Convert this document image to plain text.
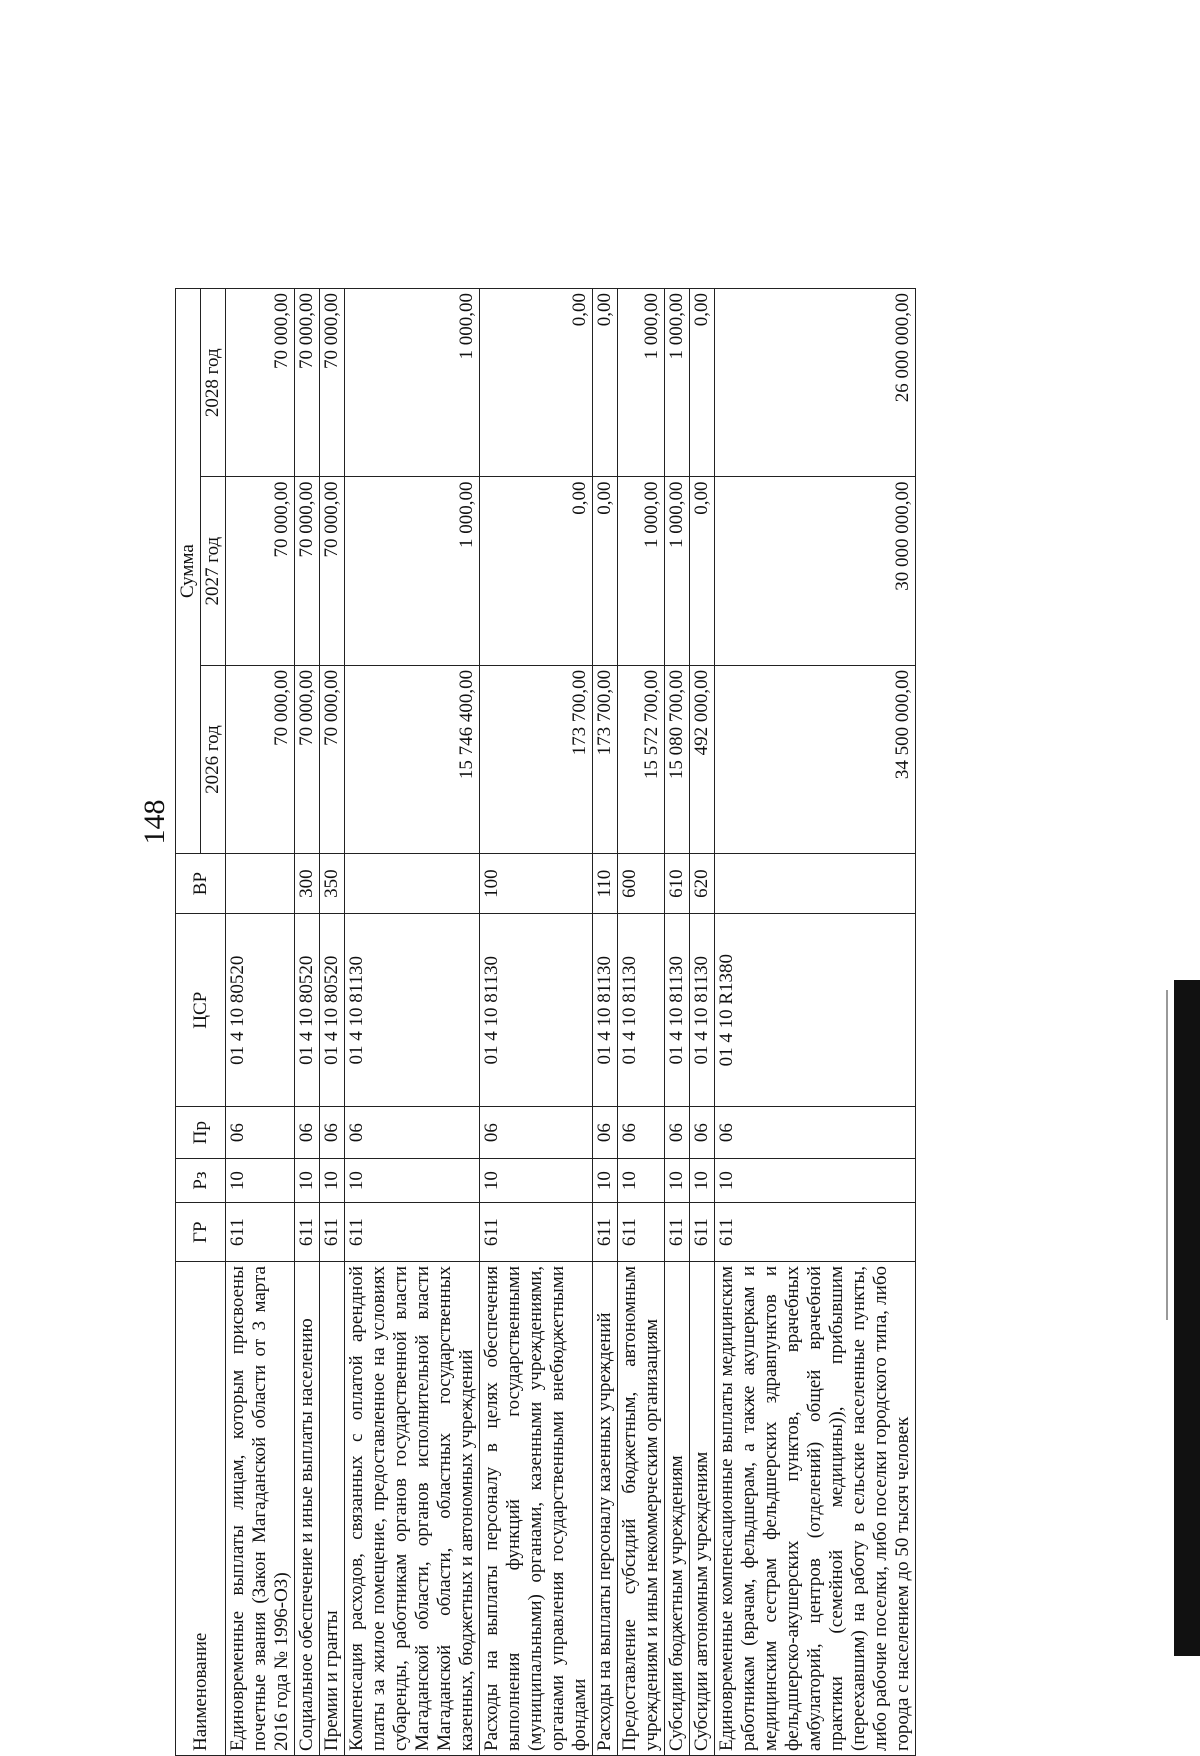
148
Наименование	ГР	Рз	Пр	ЦСР	ВР	Сумма		
						2026 год	2027 год	2028 год
Единовременные выплаты лицам, которым присвоены почетные звания (Закон Магаданской области от 3 марта 2016 года № 1996-ОЗ)	611	10	06	01 4 10 80520		70 000,00	70 000,00	70 000,00
Социальное обеспечение и иные выплаты населению	611	10	06	01 4 10 80520	300	70 000,00	70 000,00	70 000,00
Премии и гранты	611	10	06	01 4 10 80520	350	70 000,00	70 000,00	70 000,00
Компенсация расходов, связанных с оплатой арендной платы за жилое помещение, предоставленное на условиях субаренды, работникам органов государственной власти Магаданской области, органов исполнительной власти Магаданской области, областных государственных казенных, бюджетных и автономных учреждений	611	10	06	01 4 10 81130		15 746 400,00	1 000,00	1 000,00
Расходы на выплаты персоналу в целях обеспечения выполнения функций государственными (муниципальными) органами, казенными учреждениями, органами управления государственными внебюджетными фондами	611	10	06	01 4 10 81130	100	173 700,00	0,00	0,00
Расходы на выплаты персоналу казенных учреждений	611	10	06	01 4 10 81130	110	173 700,00	0,00	0,00
Предоставление субсидий бюджетным, автономным учреждениям и иным некоммерческим организациям	611	10	06	01 4 10 81130	600	15 572 700,00	1 000,00	1 000,00
Субсидии бюджетным учреждениям	611	10	06	01 4 10 81130	610	15 080 700,00	1 000,00	1 000,00
Субсидии автономным учреждениям	611	10	06	01 4 10 81130	620	492 000,00	0,00	0,00
Единовременные компенсационные выплаты медицинским работникам (врачам, фельдшерам, а также акушеркам и медицинским сестрам фельдшерских здравпунктов и фельдшерско-акушерских пунктов, врачебных амбулаторий, центров (отделений) общей врачебной практики (семейной медицины)), прибывшим (переехавшим) на работу в сельские населенные пункты, либо рабочие поселки, либо поселки городского типа, либо города с населением до 50 тысяч человек	611	10	06	01 4 10 R1380		34 500 000,00	30 000 000,00	26 000 000,00
